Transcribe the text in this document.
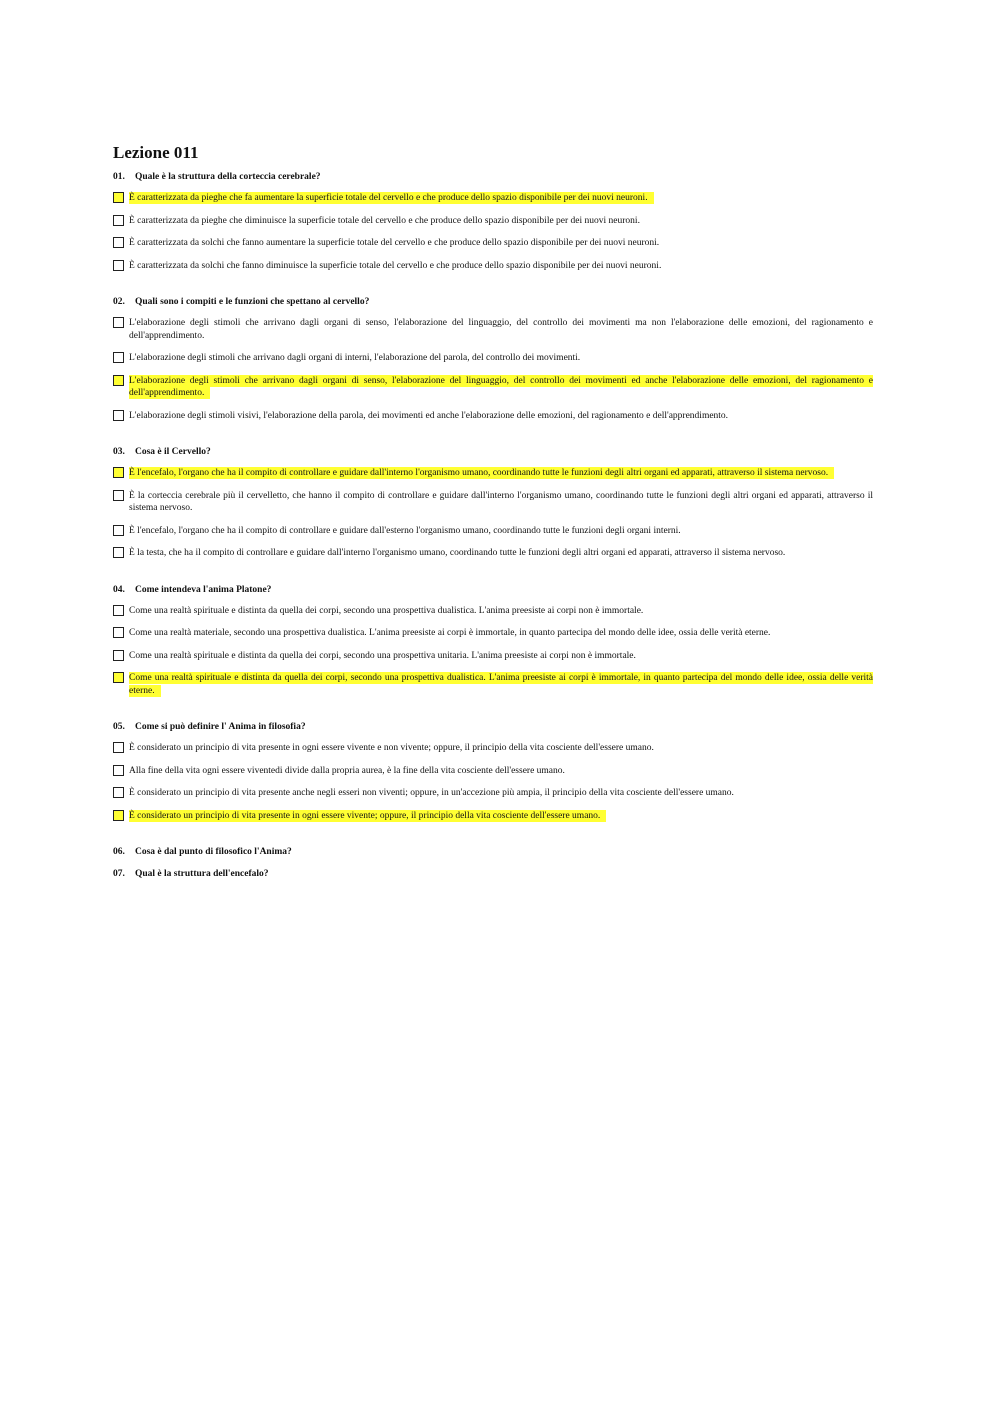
Lezione 011
01. Quale è la struttura della corteccia cerebrale?
È caratterizzata da pieghe che fa aumentare la superficie totale del cervello e che produce dello spazio disponibile per dei nuovi neuroni.
È caratterizzata da pieghe che diminuisce la superficie totale del cervello e che produce dello spazio disponibile per dei nuovi neuroni.
È caratterizzata da solchi che fanno aumentare la superficie totale del cervello e che produce dello spazio disponibile per dei nuovi neuroni.
È caratterizzata da solchi che fanno diminuisce la superficie totale del cervello e che produce dello spazio disponibile per dei nuovi neuroni.
02. Quali sono i compiti e le funzioni che spettano al cervello?
L'elaborazione degli stimoli che arrivano dagli organi di senso, l'elaborazione del linguaggio, del controllo dei movimenti ma non l'elaborazione delle emozioni, del ragionamento e dell'apprendimento.
L'elaborazione degli stimoli che arrivano dagli organi di interni, l'elaborazione del parola, del controllo dei movimenti.
L'elaborazione degli stimoli che arrivano dagli organi di senso, l'elaborazione del linguaggio, del controllo dei movimenti ed anche l'elaborazione delle emozioni, del ragionamento e dell'apprendimento.
L'elaborazione degli stimoli visivi, l'elaborazione della parola, dei movimenti ed anche l'elaborazione delle emozioni, del ragionamento e dell'apprendimento.
03. Cosa è il Cervello?
È l'encefalo, l'organo che ha il compito di controllare e guidare dall'interno l'organismo umano, coordinando tutte le funzioni degli altri organi ed apparati, attraverso il sistema nervoso.
È la corteccia cerebrale più il cervelletto, che hanno il compito di controllare e guidare dall'interno l'organismo umano, coordinando tutte le funzioni degli altri organi ed apparati, attraverso il sistema nervoso.
È l'encefalo, l'organo che ha il compito di controllare e guidare dall'esterno l'organismo umano, coordinando tutte le funzioni degli organi interni.
È la testa, che ha il compito di controllare e guidare dall'interno l'organismo umano, coordinando tutte le funzioni degli altri organi ed apparati, attraverso il sistema nervoso.
04. Come intendeva l'anima Platone?
Come una realtà spirituale e distinta da quella dei corpi, secondo una prospettiva dualistica. L'anima preesiste ai corpi non è immortale.
Come una realtà materiale, secondo una prospettiva dualistica. L'anima preesiste ai corpi è immortale, in quanto partecipa del mondo delle idee, ossia delle verità eterne.
Come una realtà spirituale e distinta da quella dei corpi, secondo una prospettiva unitaria. L'anima preesiste ai corpi non è immortale.
Come una realtà spirituale e distinta da quella dei corpi, secondo una prospettiva dualistica. L'anima preesiste ai corpi è immortale, in quanto partecipa del mondo delle idee, ossia delle verità eterne.
05. Come si può definire l' Anima in filosofia?
È considerato un principio di vita presente in ogni essere vivente e non vivente; oppure, il principio della vita cosciente dell'essere umano.
Alla fine della vita ogni essere viventedi divide dalla propria aurea, è la fine della vita cosciente dell'essere umano.
È considerato un principio di vita presente anche negli esseri non viventi; oppure, in un'accezione più ampia, il principio della vita cosciente dell'essere umano.
È considerato un principio di vita presente in ogni essere vivente; oppure, il principio della vita cosciente dell'essere umano.
06. Cosa è dal punto di filosofico l'Anima?
07. Qual è la struttura dell'encefalo?
